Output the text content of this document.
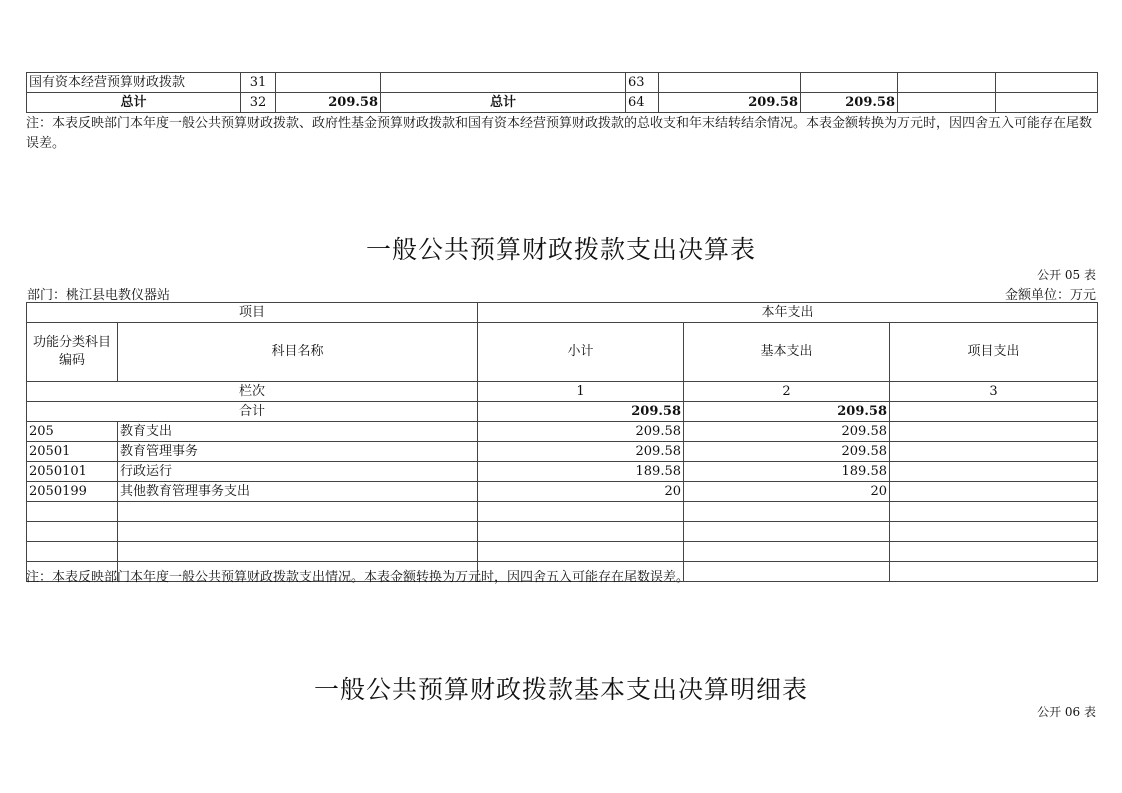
国有资本经营预算财政拨款	31			63				
总计	32	209.58	总计	64	209.58	209.58		
注：本表反映部门本年度一般公共预算财政拨款、政府性基金预算财政拨款和国有资本经营预算财政拨款的总收支和年末结转结余情况。本表金额转换为万元时，因四舍五入可能存在尾数误差。
一般公共预算财政拨款支出决算表
公开 05 表
部门：桃江县电教仪器站	金额单位：万元
项目		本年支出		
功能分类科目编码	科目名称	小计	基本支出	项目支出
栏次		1	2	3
合计		209.58	209.58	
205	教育支出	209.58	209.58	
20501	教育管理事务	209.58	209.58	
2050101	行政运行	189.58	189.58	
2050199	其他教育管理事务支出	20	20	

注：本表反映部门本年度一般公共预算财政拨款支出情况。本表金额转换为万元时，因四舍五入可能存在尾数误差。
一般公共预算财政拨款基本支出决算明细表
公开 06 表
